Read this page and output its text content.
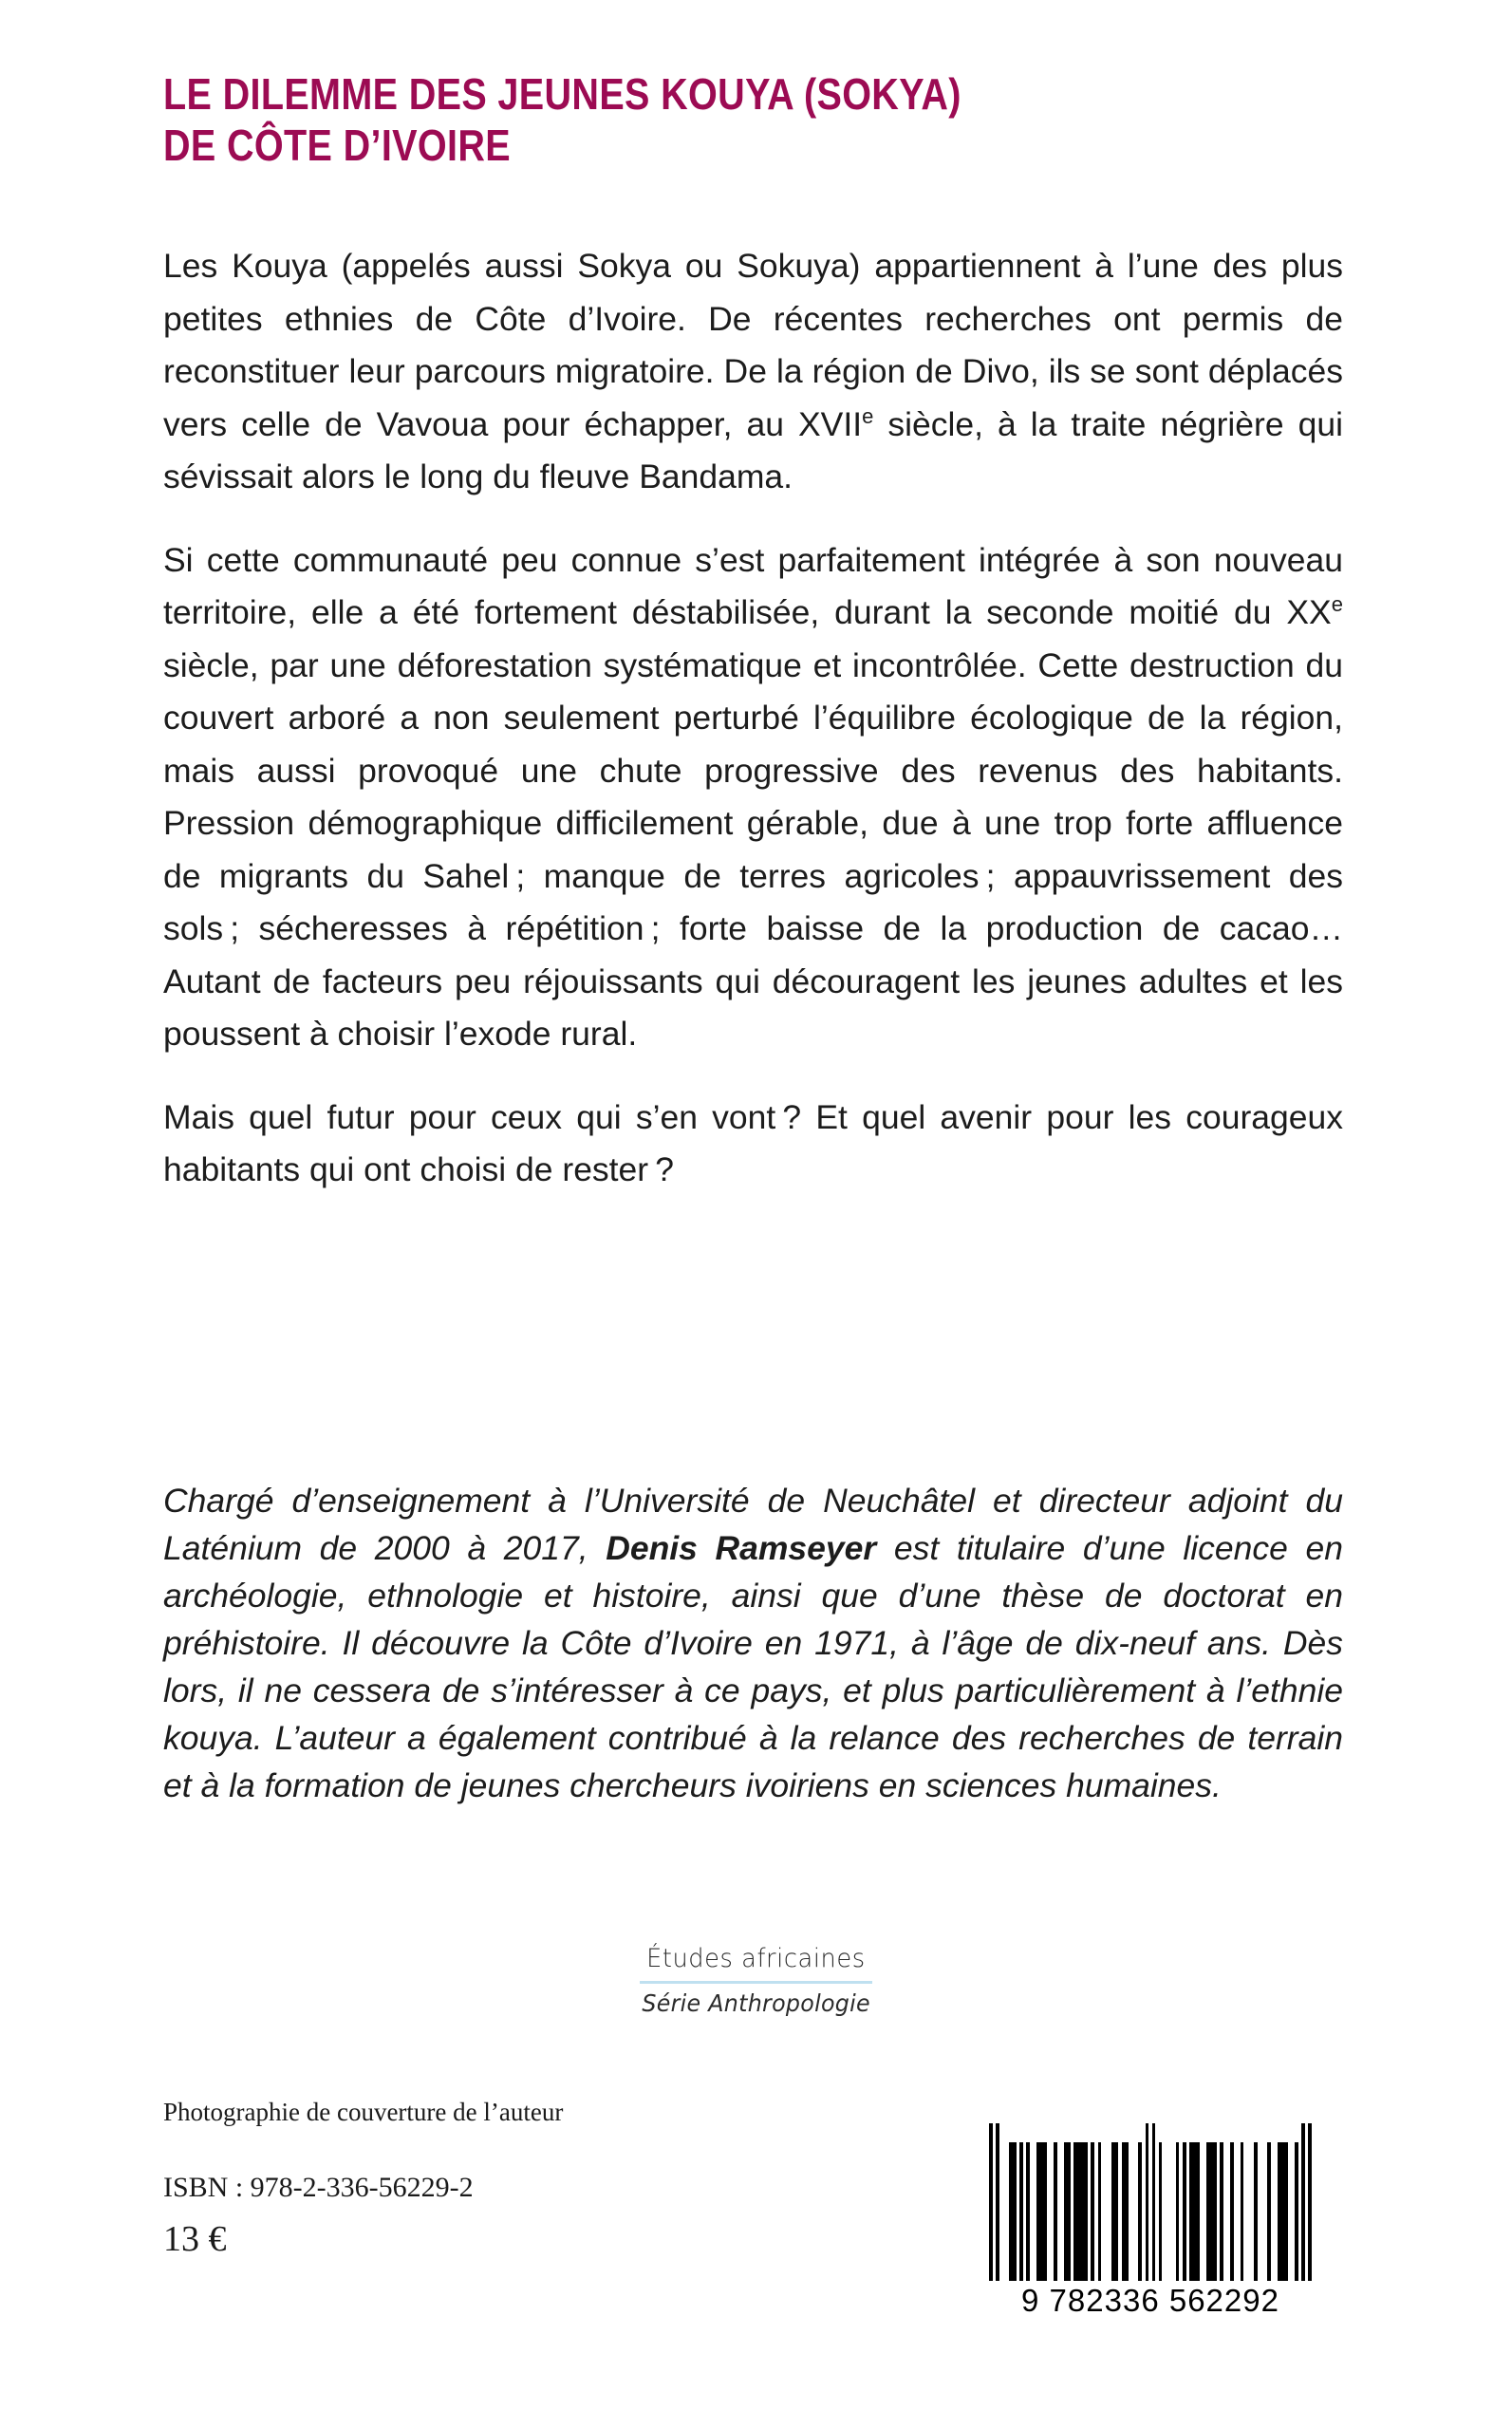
LE DILEMME DES JEUNES KOUYA (SOKYA)
DE CÔTE D’IVOIRE

Les Kouya (appelés aussi Sokya ou Sokuya) appartiennent à l’une des plus petites ethnies de Côte d’Ivoire. De récentes recherches ont permis de reconstituer leur parcours migratoire. De la région de Divo, ils se sont déplacés vers celle de Vavoua pour échapper, au XVIIe siècle, à la traite négrière qui sévissait alors le long du fleuve Bandama.

Si cette communauté peu connue s’est parfaitement intégrée à son nouveau territoire, elle a été fortement déstabilisée, durant la seconde moitié du XXe siècle, par une déforestation systématique et incontrôlée. Cette destruction du couvert arboré a non seulement perturbé l’équilibre écologique de la région, mais aussi provoqué une chute progressive des revenus des habitants. Pression démographique difficilement gérable, due à une trop forte affluence de migrants du Sahel ; manque de terres agricoles ; appauvrissement des sols ; sécheresses à répétition ; forte baisse de la production de cacao… Autant de facteurs peu réjouissants qui découragent les jeunes adultes et les poussent à choisir l’exode rural.

Mais quel futur pour ceux qui s’en vont ? Et quel avenir pour les courageux habitants qui ont choisi de rester ?

Chargé d’enseignement à l’Université de Neuchâtel et directeur adjoint du Laténium de 2000 à 2017, Denis Ramseyer est titulaire d’une licence en archéologie, ethnologie et histoire, ainsi que d’une thèse de doctorat en préhistoire. Il découvre la Côte d’Ivoire en 1971, à l’âge de dix-neuf ans. Dès lors, il ne cessera de s’intéresser à ce pays, et plus particulièrement à l’ethnie kouya. L’auteur a également contribué à la relance des recherches de terrain et à la formation de jeunes chercheurs ivoiriens en sciences humaines.

Études africaines
Série Anthropologie
Photographie de couverture de l’auteur
ISBN : 978-2-336-56229-2
13 €
9 782336 562292
